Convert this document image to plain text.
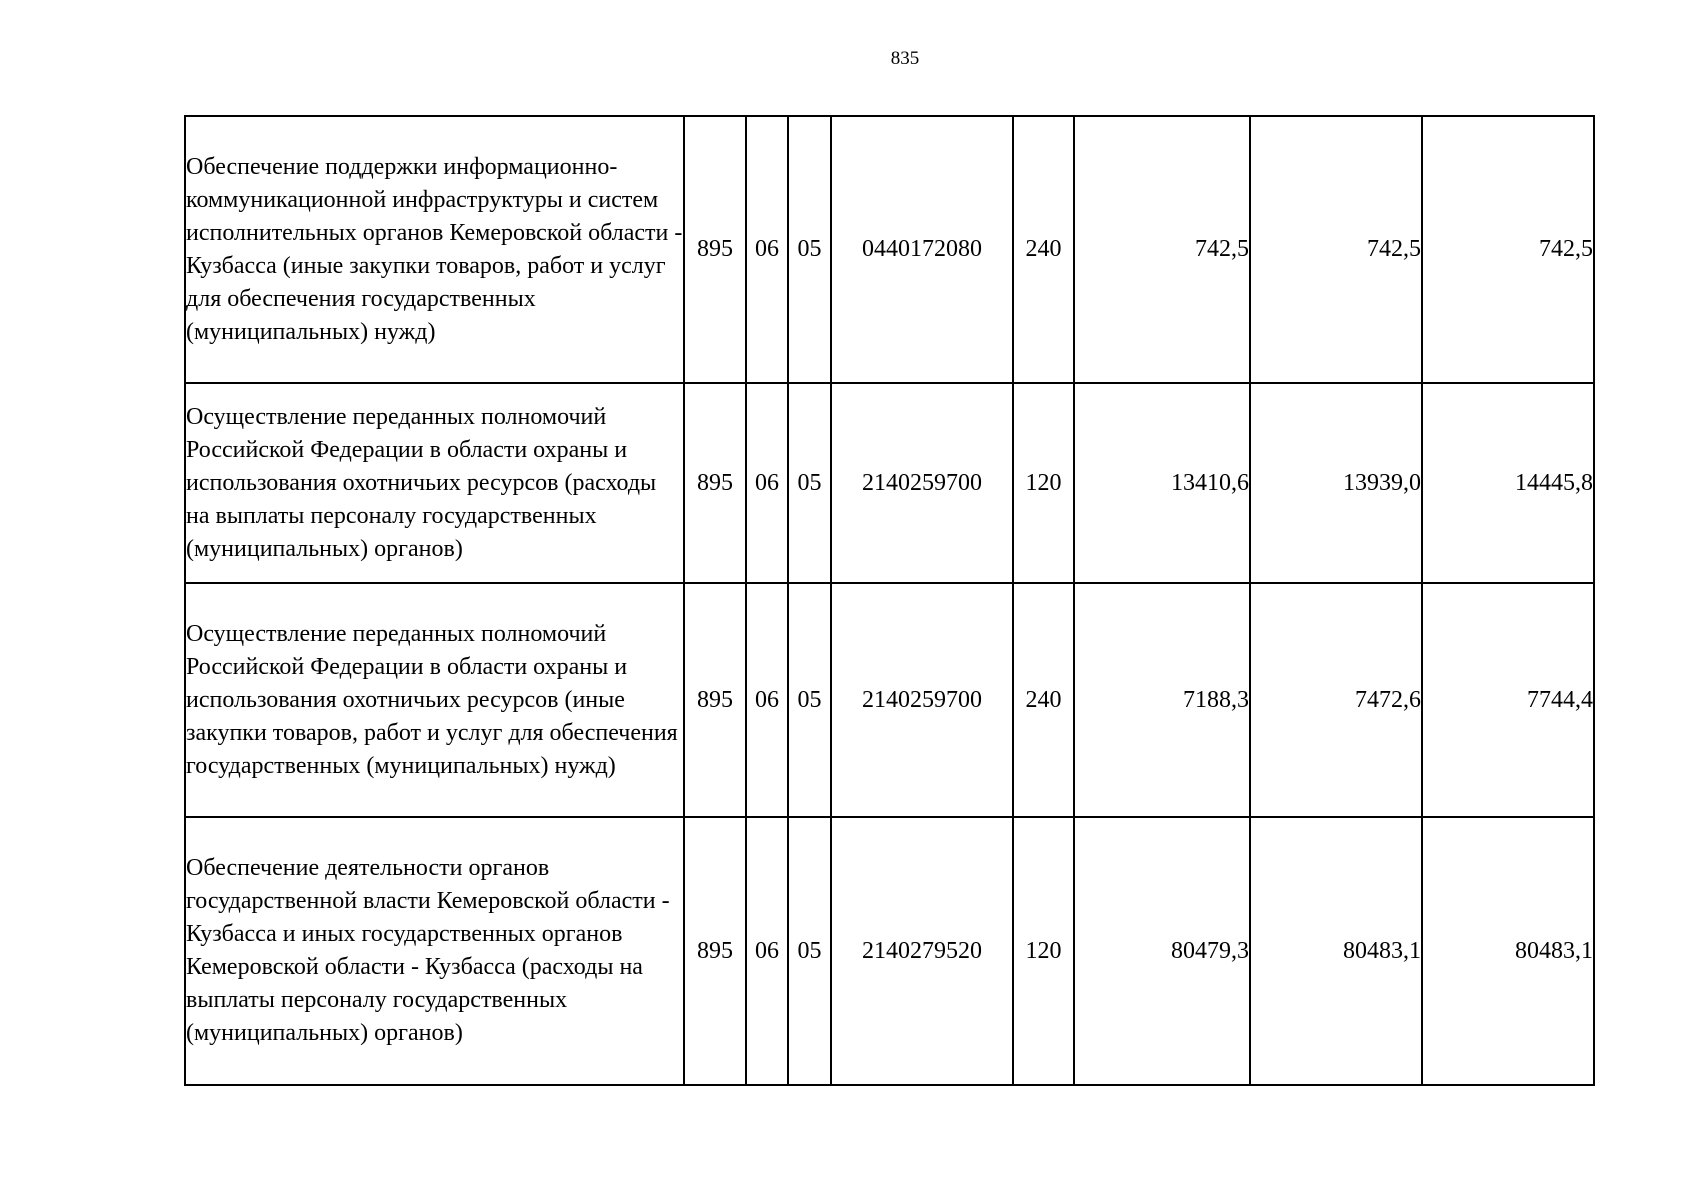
835
Обеспечение поддержки информационно-коммуникационной инфраструктуры и систем исполнительных органов Кемеровской области - Кузбасса (иные закупки товаров, работ и услуг для обеспечения государственных (муниципальных) нужд)	895	06	05	0440172080	240	742,5	742,5	742,5
Осуществление переданных полномочий Российской Федерации в области охраны и использования охотничьих ресурсов (расходы на выплаты персоналу государственных (муниципальных) органов)	895	06	05	2140259700	120	13410,6	13939,0	14445,8
Осуществление переданных полномочий Российской Федерации в области охраны и использования охотничьих ресурсов (иные закупки товаров, работ и услуг для обеспечения государственных (муниципальных) нужд)	895	06	05	2140259700	240	7188,3	7472,6	7744,4
Обеспечение деятельности органов государственной власти Кемеровской области - Кузбасса и иных государственных органов Кемеровской области - Кузбасса (расходы на выплаты персоналу государственных (муниципальных) органов)	895	06	05	2140279520	120	80479,3	80483,1	80483,1
